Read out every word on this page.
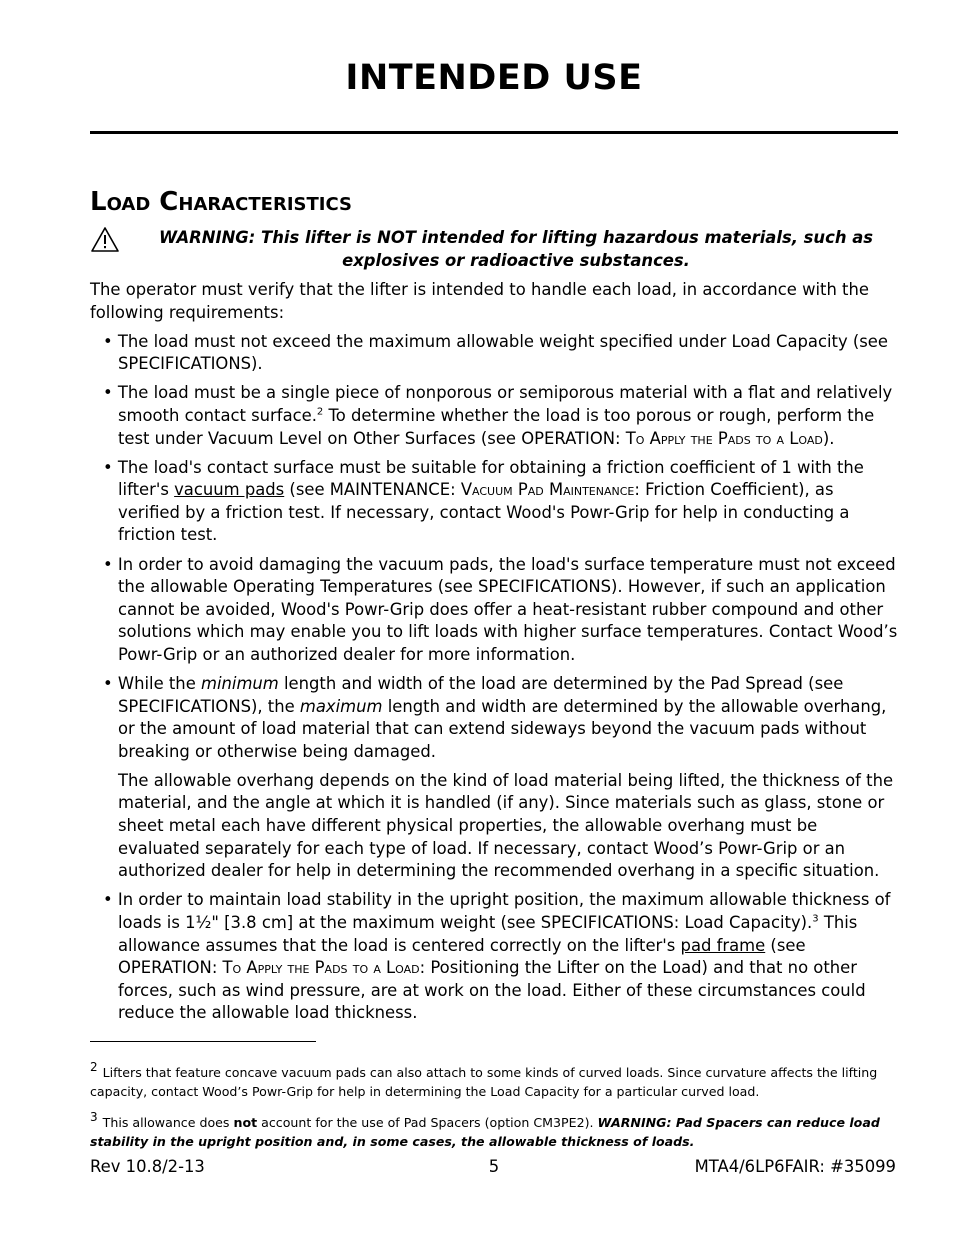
INTENDED USE
Load Characteristics

WARNING: This lifter is NOT intended for lifting hazardous materials, such as explosives or radioactive substances.

The operator must verify that the lifter is intended to handle each load, in accordance with the following requirements:

• The load must not exceed the maximum allowable weight specified under Load Capacity (see SPECIFICATIONS).

• The load must be a single piece of nonporous or semiporous material with a flat and relatively smooth contact surface.$^2$ To determine whether the load is too porous or rough, perform the test under Vacuum Level on Other Surfaces (see OPERATION: To Apply the Pads to a Load).

• The load's contact surface must be suitable for obtaining a friction coefficient of 1 with the lifter's vacuum pads (see MAINTENANCE: Vacuum Pad Maintenance: Friction Coefficient), as verified by a friction test. If necessary, contact Wood's Powr-Grip for help in conducting a friction test.

• In order to avoid damaging the vacuum pads, the load's surface temperature must not exceed the allowable Operating Temperatures (see SPECIFICATIONS). However, if such an application cannot be avoided, Wood's Powr-Grip does offer a heat-resistant rubber compound and other solutions which may enable you to lift loads with higher surface temperatures. Contact Wood’s Powr-Grip or an authorized dealer for more information.

• While the minimum length and width of the load are determined by the Pad Spread (see SPECIFICATIONS), the maximum length and width are determined by the allowable overhang, or the amount of load material that can extend sideways beyond the vacuum pads without breaking or otherwise being damaged.

The allowable overhang depends on the kind of load material being lifted, the thickness of the material, and the angle at which it is handled (if any). Since materials such as glass, stone or sheet metal each have different physical properties, the allowable overhang must be evaluated separately for each type of load. If necessary, contact Wood’s Powr-Grip or an authorized dealer for help in determining the recommended overhang in a specific situation.

• In order to maintain load stability in the upright position, the maximum allowable thickness of loads is 1½" [3.8 cm] at the maximum weight (see SPECIFICATIONS: Load Capacity).$^3$ This allowance assumes that the load is centered correctly on the lifter's pad frame (see OPERATION: To Apply the Pads to a Load: Positioning the Lifter on the Load) and that no other forces, such as wind pressure, are at work on the load. Either of these circumstances could reduce the allowable load thickness.

2 Lifters that feature concave vacuum pads can also attach to some kinds of curved loads. Since curvature affects the lifting capacity, contact Wood’s Powr-Grip for help in determining the Load Capacity for a particular curved load.

3 This allowance does not account for the use of Pad Spacers (option CM3PE2). WARNING: Pad Spacers can reduce load stability in the upright position and, in some cases, the allowable thickness of loads.

Rev 10.8/2-13	5	MTA4/6LP6FAIR: #35099
